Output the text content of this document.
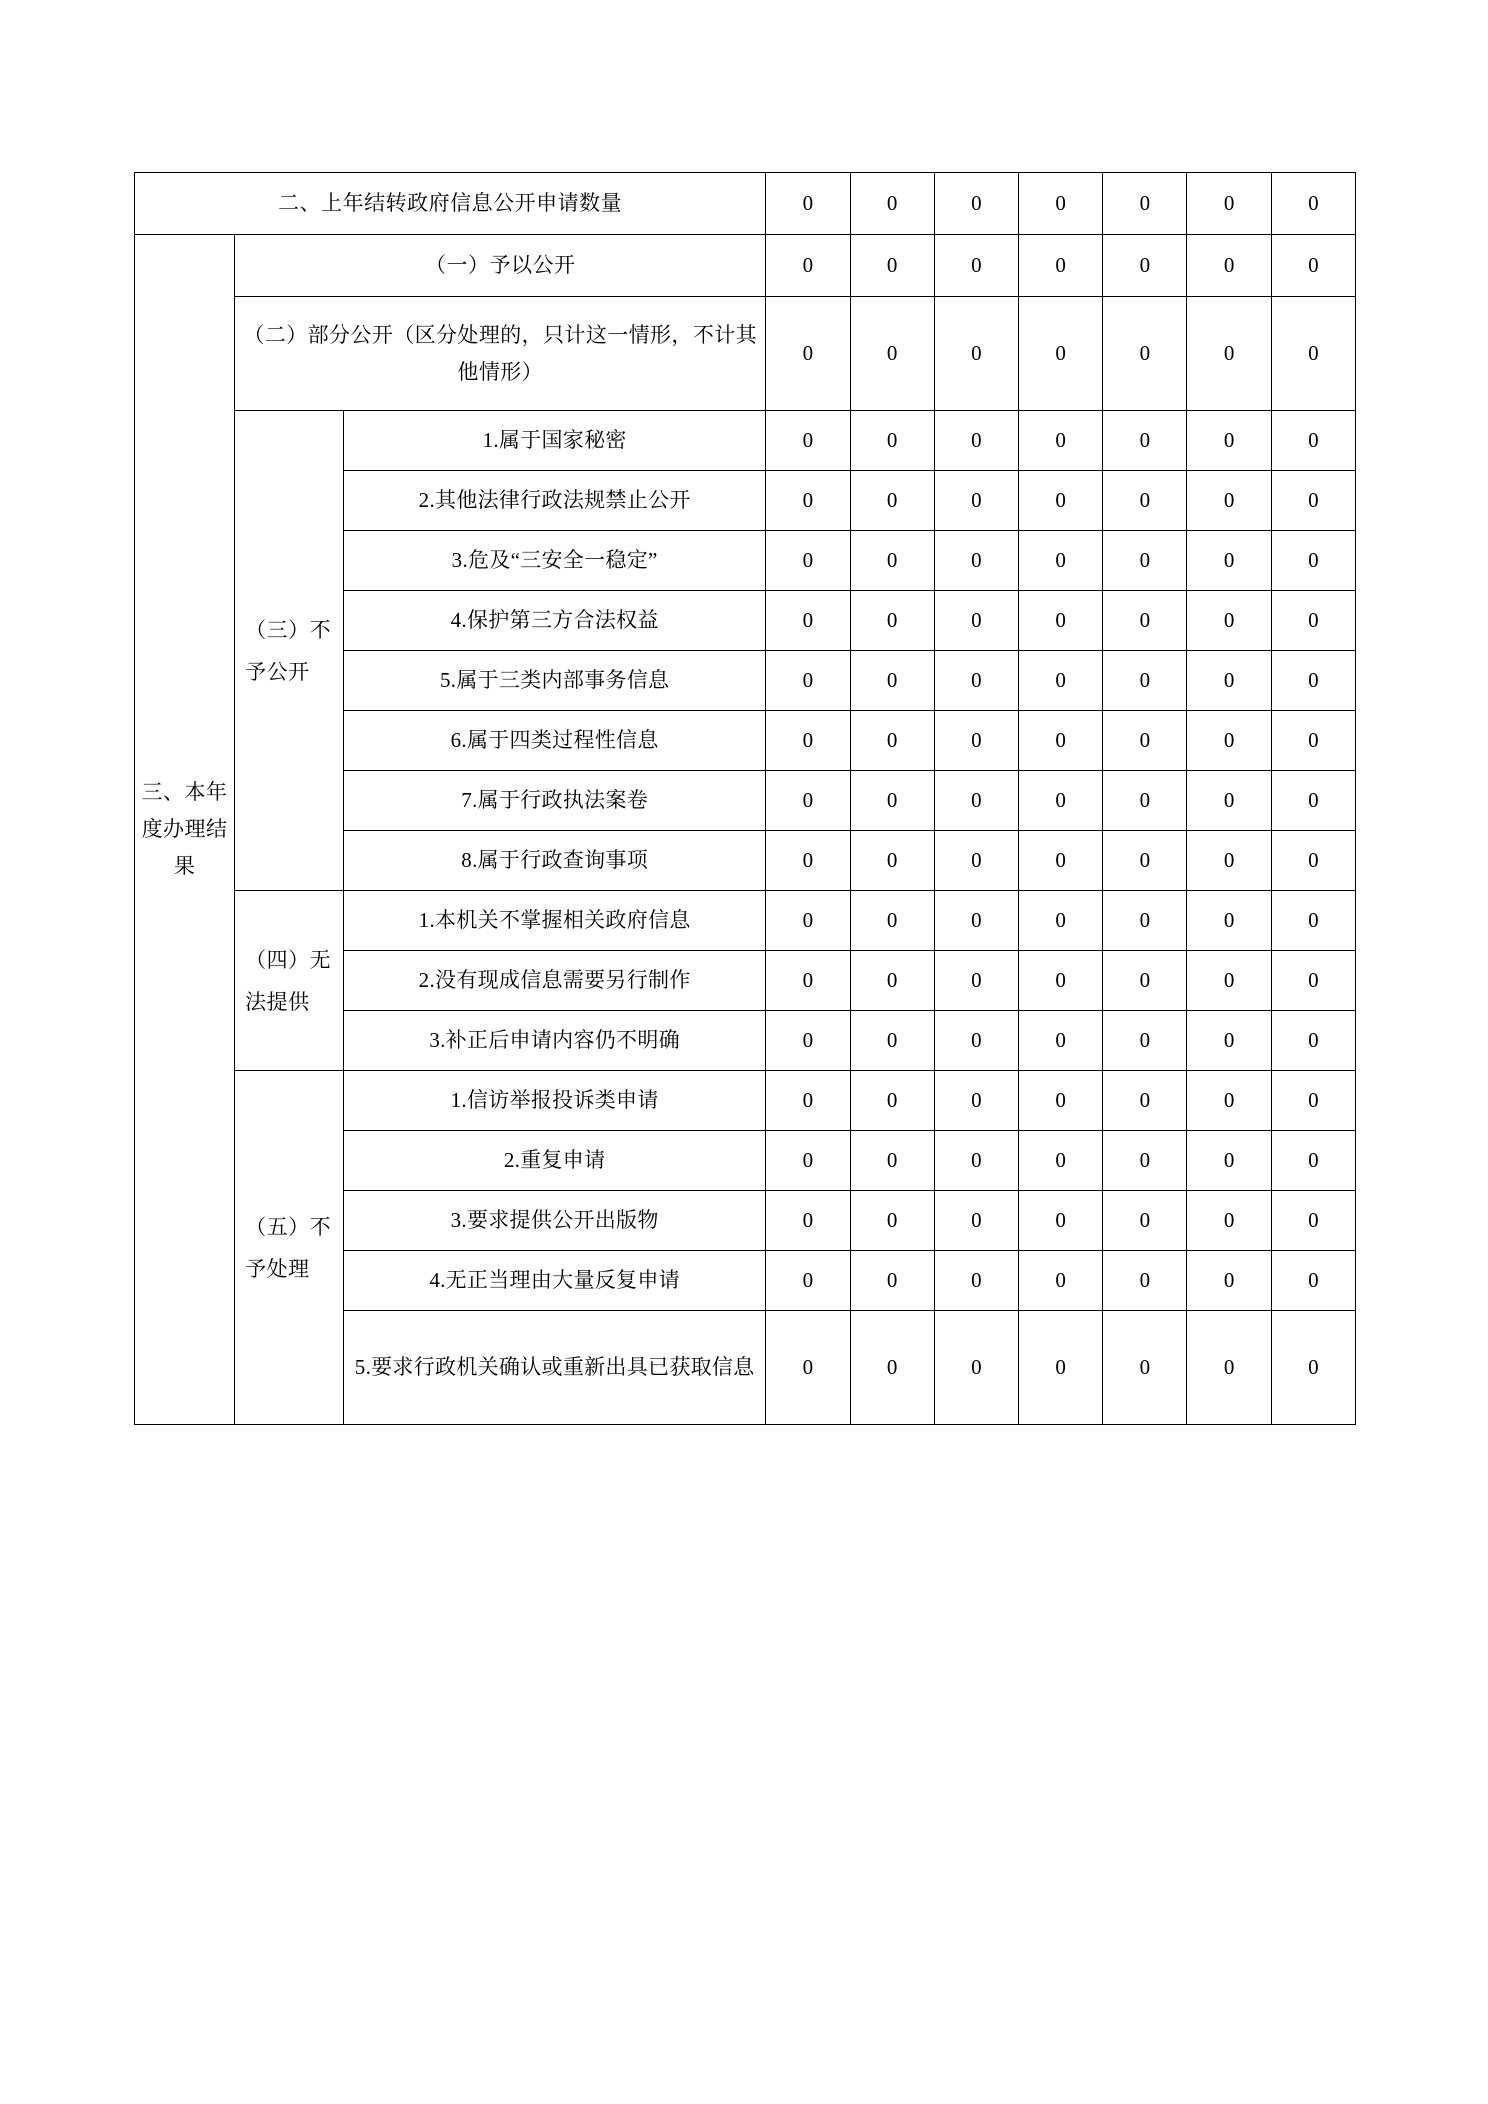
二、上年结转政府信息公开申请数量			0	0	0	0	0	0	0
三、本年度办理结果	（一）予以公开		0	0	0	0	0	0	0
	（二）部分公开（区分处理的，只计这一情形，不计其他情形）		0	0	0	0	0	0	0

	（三）不予公开	1.属于国家秘密	0	0	0	0	0	0	0
		2.其他法律行政法规禁止公开	0	0	0	0	0	0	0
		3.危及“三安全一稳定”	0	0	0	0	0	0	0
		4.保护第三方合法权益	0	0	0	0	0	0	0
		5.属于三类内部事务信息	0	0	0	0	0	0	0
		6.属于四类过程性信息	0	0	0	0	0	0	0
		7.属于行政执法案卷	0	0	0	0	0	0	0
		8.属于行政查询事项	0	0	0	0	0	0	0

	（四）无法提供	1.本机关不掌握相关政府信息	0	0	0	0	0	0	0
		2.没有现成信息需要另行制作	0	0	0	0	0	0	0
		3.补正后申请内容仍不明确	0	0	0	0	0	0	0

	（五）不予处理	1.信访举报投诉类申请	0	0	0	0	0	0	0
		2.重复申请	0	0	0	0	0	0	0
		3.要求提供公开出版物	0	0	0	0	0	0	0
		4.无正当理由大量反复申请	0	0	0	0	0	0	0
		5.要求行政机关确认或重新出具已获取信息	0	0	0	0	0	0	0
